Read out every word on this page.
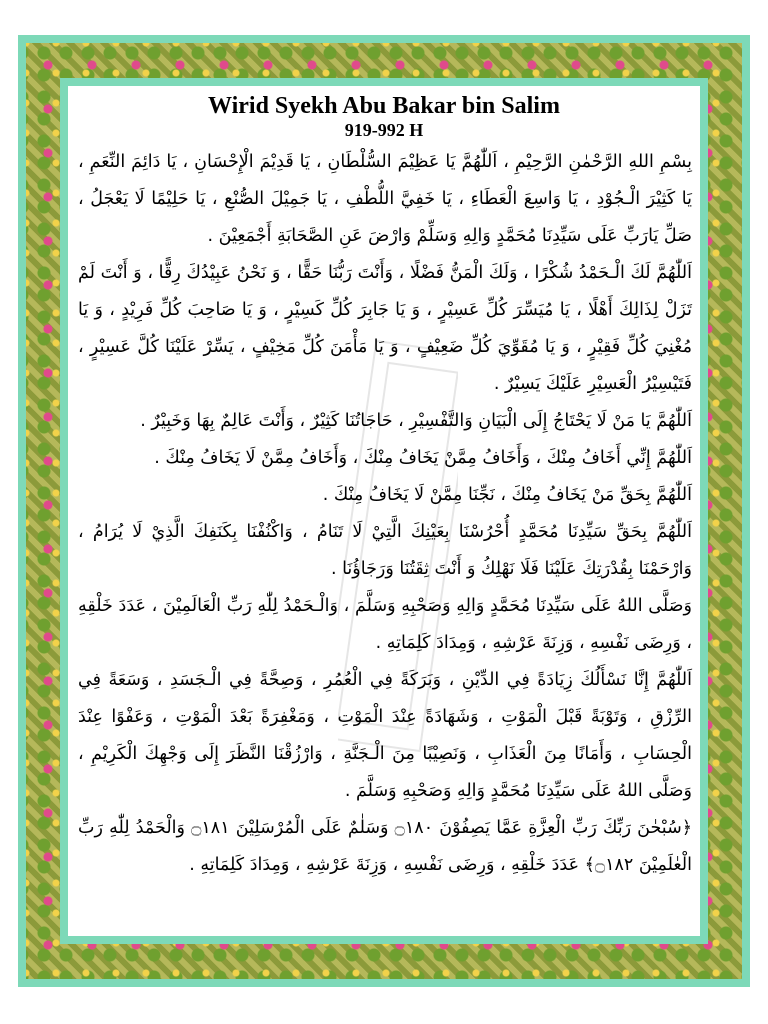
Wirid Syekh Abu Bakar bin Salim
919-992 H

بِسْمِ اللهِ الرَّحْمٰنِ الرَّحِيْمِ ، اَللّٰهُمَّ يَا عَظِيْمَ السُّلْطَانِ ، يَا قَدِيْمَ الْإِحْسَانِ ، يَا دَائِمَ النِّعَمِ ، يَا كَثِيْرَ الْـجُوْدِ ، يَا وَاسِعَ الْعَطَاءِ ، يَا خَفِيَّ اللُّطْفِ ، يَا جَمِيْلَ الصُّنْعِ ، يَا حَلِيْمًا لَا يَعْجَلُ ، صَلِّ يَارَبِّ عَلَى سَيِّدِنَا مُحَمَّدٍ وَالِهِ وَسَلِّمْ وَارْضَ عَنِ الصَّحَابَةِ أَجْمَعِيْنَ .

اَللّٰهُمَّ لَكَ الْـحَمْدُ شُكْرًا ، وَلَكَ الْمَنُّ فَضْلًا ، وَأَنْتَ رَبُّنَا حَقًّا ، وَ نَحْنُ عَبِيْدُكَ رِقًّا ، وَ أَنْتَ لَمْ تَزَلْ لِذَالِكَ أَهْلًا ، يَا مُيَسِّرَ كُلِّ عَسِيْرٍ ، وَ يَا جَابِرَ كُلِّ كَسِيْرٍ ، وَ يَا صَاحِبَ كُلِّ فَرِيْدٍ ، وَ يَا مُغْنِيَ كُلِّ فَقِيْرٍ ، وَ يَا مُقَوِّيَ كُلِّ ضَعِيْفٍ ، وَ يَا مَأْمَنَ كُلِّ مَخِيْفٍ ، يَسِّرْ عَلَيْنَا كُلَّ عَسِيْرٍ ، فَتَيْسِيْرُ الْعَسِيْرِ عَلَيْكَ يَسِيْرٌ .

اَللّٰهُمَّ يَا مَنْ لَا يَحْتَاجُ إِلَى الْبَيَانِ وَالتَّفْسِيْرِ ، حَاجَاتُنَا كَثِيْرٌ ، وَأَنْتَ عَالِمٌ بِهَا وَخَبِيْرٌ .

اَللّٰهُمَّ إِنِّي أَخَافُ مِنْكَ ، وَأَخَافُ مِمَّنْ يَخَافُ مِنْكَ ، وَأَخَافُ مِمَّنْ لَا يَخَافُ مِنْكَ .

اَللّٰهُمَّ بِحَقِّ مَنْ يَخَافُ مِنْكَ ، نَجِّنَا مِمَّنْ لَا يَخَافُ مِنْكَ .

اَللّٰهُمَّ بِحَقِّ سَيِّدِنَا مُحَمَّدٍ أُحْرُسْنَا بِعَيْنِكَ الَّتِيْ لَا تَنَامُ ، وَاكْنُفْنَا بِكَنَفِكَ الَّذِيْ لَا يُرَامُ ، وَارْحَمْنَا بِقُدْرَتِكَ عَلَيْنَا فَلَا نَهْلِكُ وَ أَنْتَ ثِقَتُنَا وَرَجَاؤُنَا .

وَصَلَّى اللهُ عَلَى سَيِّدِنَا مُحَمَّدٍ وَالِهِ وَصَحْبِهِ وَسَلَّمَ ، وَالْـحَمْدُ لِلّٰهِ رَبِّ الْعَالَمِيْنَ ، عَدَدَ خَلْقِهِ ، وَرِضَى نَفْسِهِ ، وَزِنَةَ عَرْشِهِ ، وَمِدَادَ كَلِمَاتِهِ .

اَللّٰهُمَّ إِنَّا نَسْأَلُكَ زِيَادَةً فِي الدِّيْنِ ، وَبَرَكَةً فِي الْعُمُرِ ، وَصِحَّةً فِي الْـجَسَدِ ، وَسَعَةً فِي الرِّزْقِ ، وَتَوْبَةً قَبْلَ الْمَوْتِ ، وَشَهَادَةً عِنْدَ الْمَوْتِ ، وَمَغْفِرَةً بَعْدَ الْمَوْتِ ، وَعَفْوًا عِنْدَ الْحِسَابِ ، وَأَمَانًا مِنَ الْعَذَابِ ، وَنَصِيْبًا مِنَ الْـجَنَّةِ ، وَارْزُقْنَا النَّظَرَ إِلَى وَجْهِكَ الْكَرِيْمِ ، وَصَلَّى اللهُ عَلَى سَيِّدِنَا مُحَمَّدٍ وَالِهِ وَصَحْبِهِ وَسَلَّمَ .

﴿سُبْحٰنَ رَبِّكَ رَبِّ الْعِزَّةِ عَمَّا يَصِفُوْنَ ۝١٨٠ وَسَلٰمٌ عَلَى الْمُرْسَلِيْنَ ۝١٨١ وَالْحَمْدُ لِلّٰهِ رَبِّ الْعٰلَمِيْنَ ۝١٨٢﴾ عَدَدَ خَلْقِهِ ، وَرِضَى نَفْسِهِ ، وَزِنَةَ عَرْشِهِ ، وَمِدَادَ كَلِمَاتِهِ .
